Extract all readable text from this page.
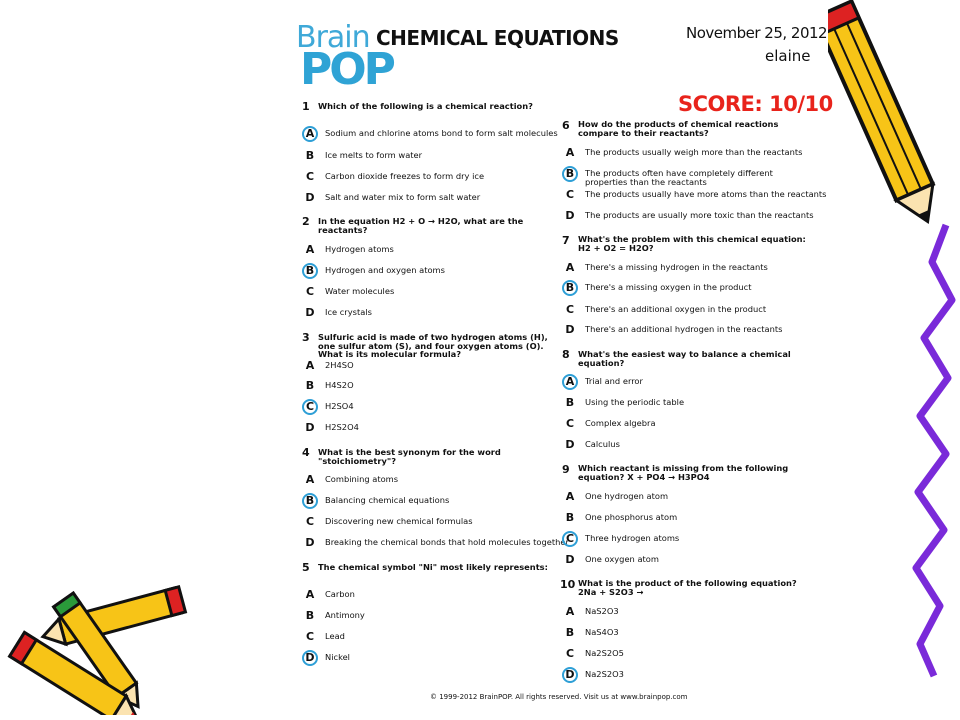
Brain
POP
CHEMICAL EQUATIONS	November 25, 2012
elaine
SCORE: 10/10
1 Which of the following is a chemical reaction?
A	Sodium and chlorine atoms bond to form salt molecules
B	Ice melts to form water
C	Carbon dioxide freezes to form dry ice
D	Salt and water mix to form salt water
2 In the equation H2 + O → H2O, what are the reactants?
A	Hydrogen atoms
B	Hydrogen and oxygen atoms
C	Water molecules
D	Ice crystals
3 Sulfuric acid is made of two hydrogen atoms (H), one sulfur atom (S), and four oxygen atoms (O). What is its molecular formula?
A	2H4SO
B	H4S2O
C	H2SO4
D	H2S2O4
4 What is the best synonym for the word "stoichiometry"?
A	Combining atoms
B	Balancing chemical equations
C	Discovering new chemical formulas
D	Breaking the chemical bonds that hold molecules together
5 The chemical symbol "Ni" most likely represents:
A	Carbon
B	Antimony
C	Lead
D	Nickel
6 How do the products of chemical reactions compare to their reactants?
A	The products usually weigh more than the reactants
B	The products often have completely different properties than the reactants
C	The products usually have more atoms than the reactants
D	The products are usually more toxic than the reactants
7 What's the problem with this chemical equation: H2 + O2 = H2O?
A	There's a missing hydrogen in the reactants
B	There's a missing oxygen in the product
C	There's an additional oxygen in the product
D	There's an additional hydrogen in the reactants
8 What's the easiest way to balance a chemical equation?
A	Trial and error
B	Using the periodic table
C	Complex algebra
D	Calculus
9 Which reactant is missing from the following equation? X + PO4 → H3PO4
A	One hydrogen atom
B	One phosphorus atom
C	Three hydrogen atoms
D	One oxygen atom
10 What is the product of the following equation? 2Na + S2O3 →
A	NaS2O3
B	NaS4O3
C	Na2S2O5
D	Na2S2O3
© 1999-2012 BrainPOP. All rights reserved. Visit us at www.brainpop.com
